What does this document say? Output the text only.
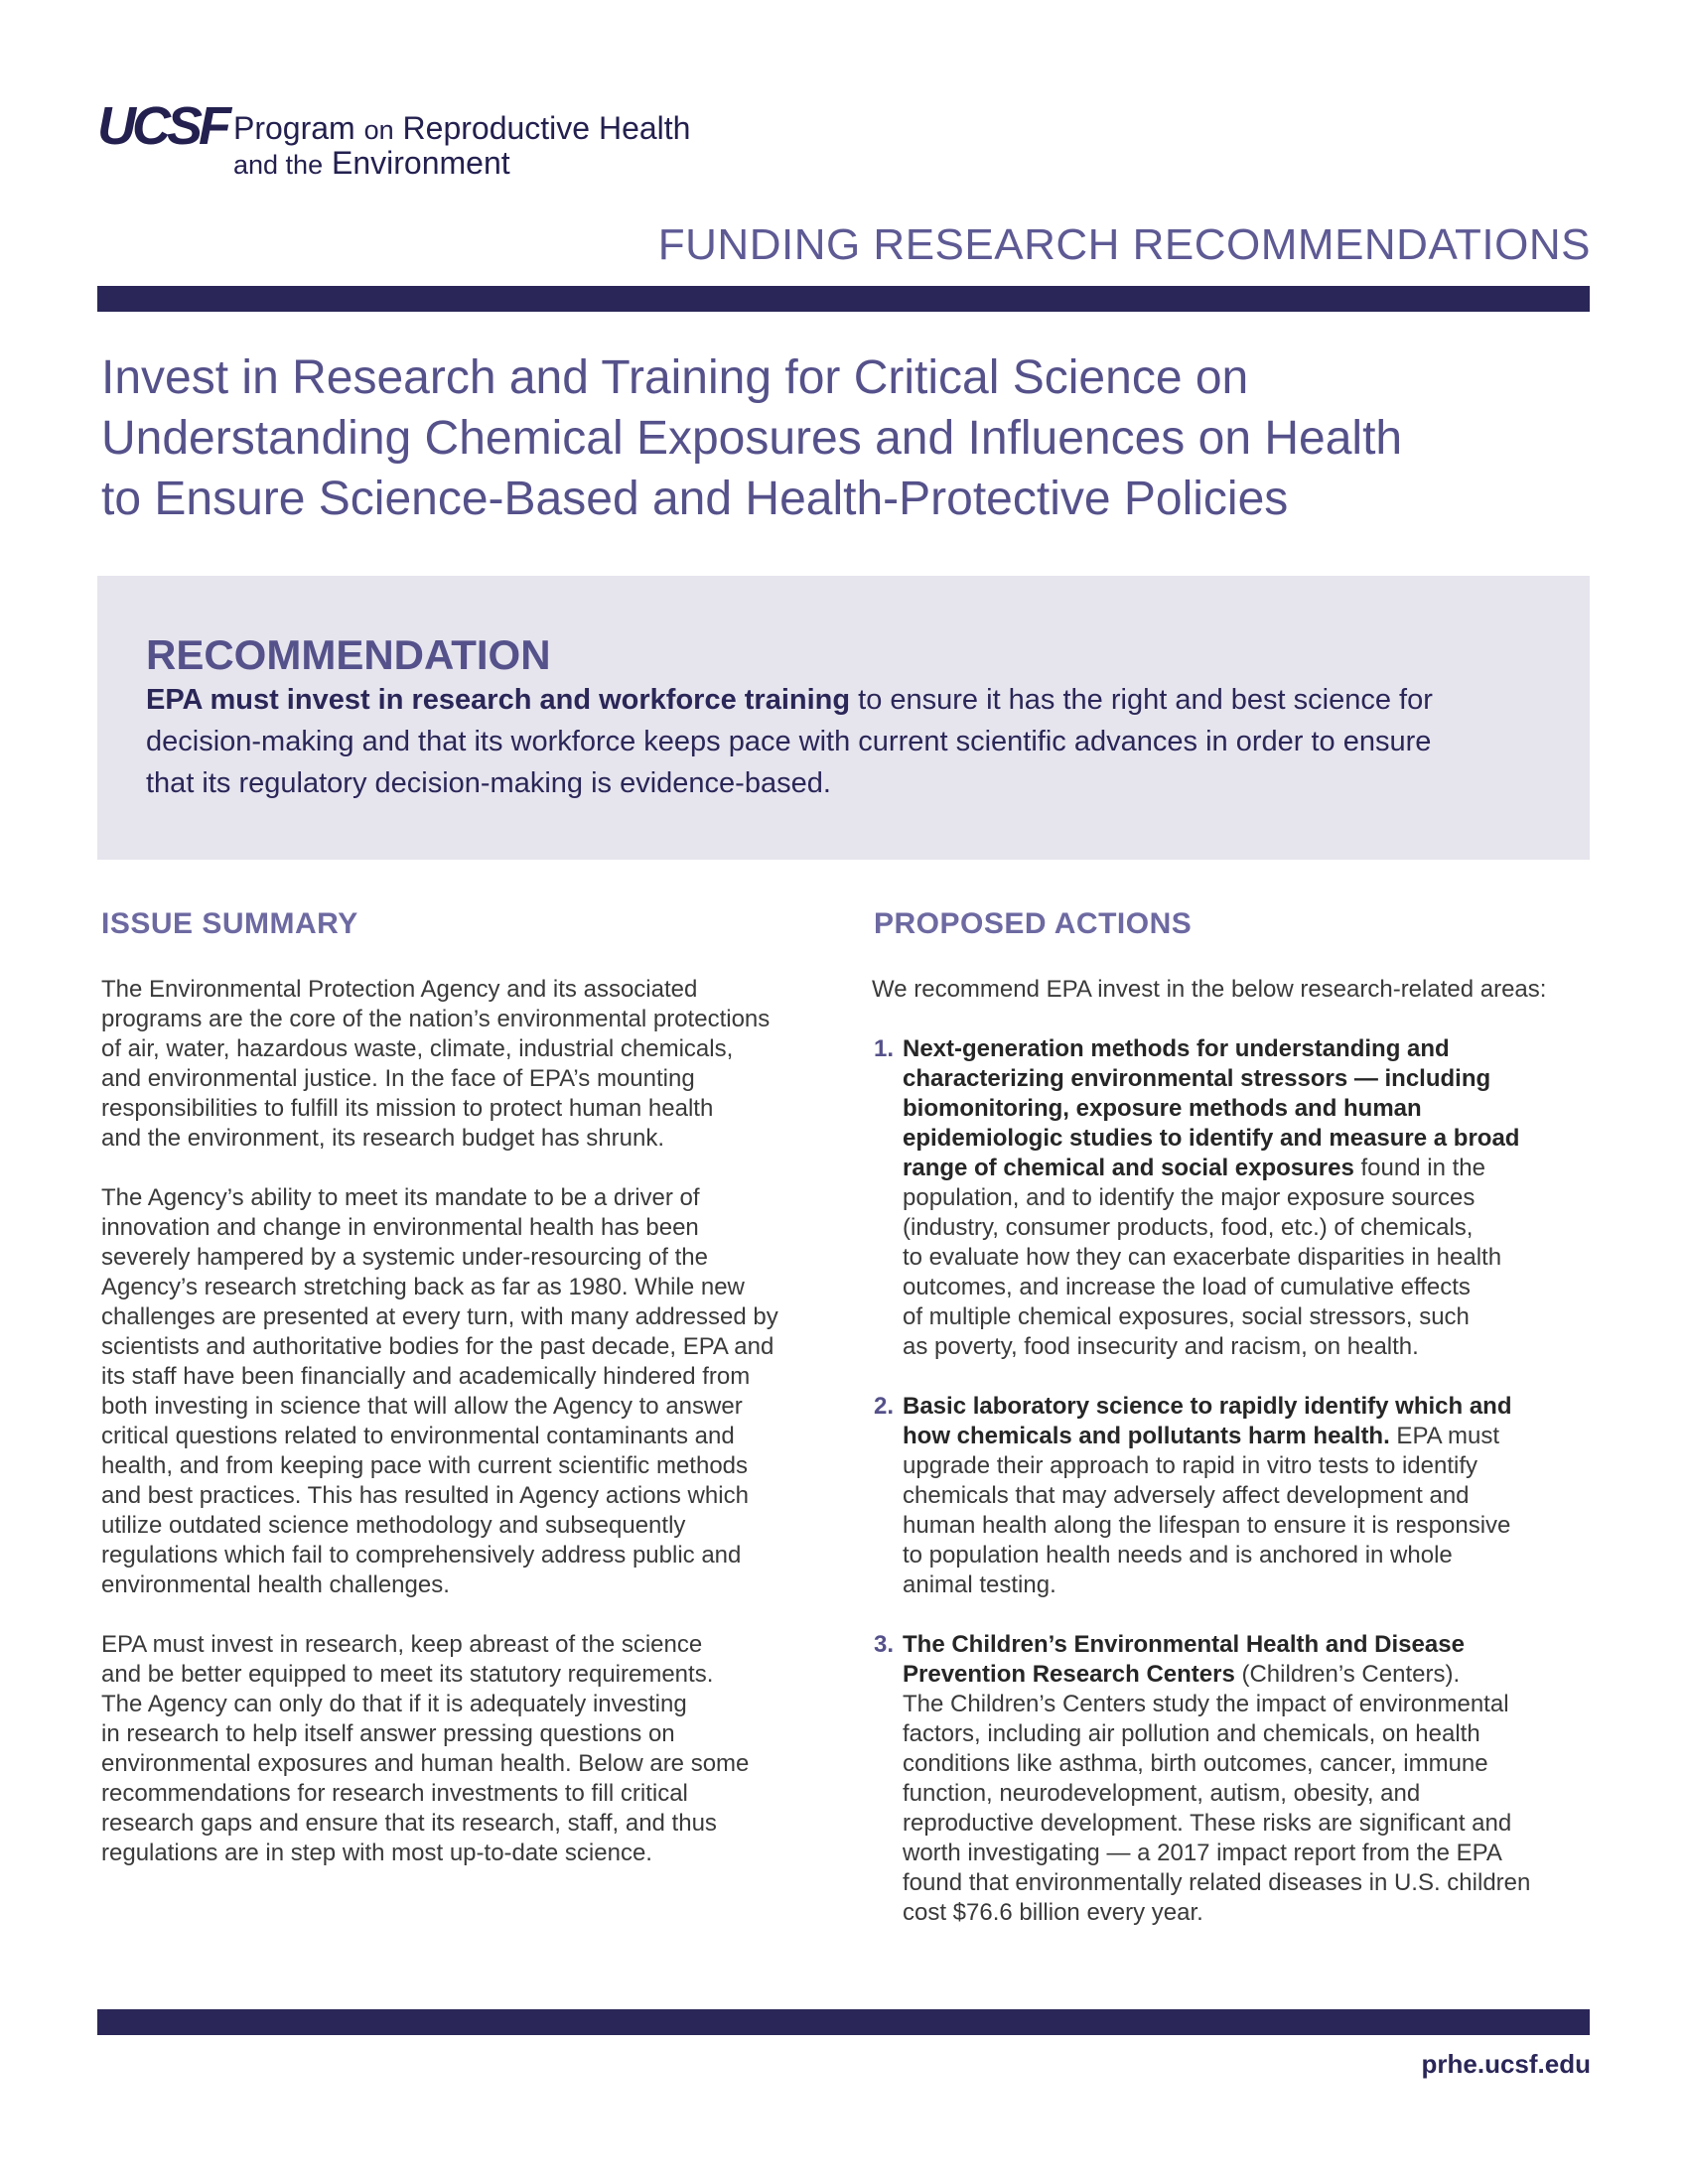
UCSF Program on Reproductive Health
and the Environment
FUNDING RESEARCH RECOMMENDATIONS
Invest in Research and Training for Critical Science on
Understanding Chemical Exposures and Influences on Health
to Ensure Science-Based and Health-Protective Policies
RECOMMENDATION

EPA must invest in research and workforce training to ensure it has the right and best science for
decision-making and that its workforce keeps pace with current scientific advances in order to ensure
that its regulatory decision-making is evidence-based.

ISSUE SUMMARY	PROPOSED ACTIONS

The Environmental Protection Agency and its associated
programs are the core of the nation’s environmental protections
of air, water, hazardous waste, climate, industrial chemicals,
and environmental justice. In the face of EPA’s mounting
responsibilities to fulfill its mission to protect human health
and the environment, its research budget has shrunk.

The Agency’s ability to meet its mandate to be a driver of
innovation and change in environmental health has been
severely hampered by a systemic under-resourcing of the
Agency’s research stretching back as far as 1980. While new
challenges are presented at every turn, with many addressed by
scientists and authoritative bodies for the past decade, EPA and
its staff have been financially and academically hindered from
both investing in science that will allow the Agency to answer
critical questions related to environmental contaminants and
health, and from keeping pace with current scientific methods
and best practices. This has resulted in Agency actions which
utilize outdated science methodology and subsequently
regulations which fail to comprehensively address public and
environmental health challenges.

EPA must invest in research, keep abreast of the science
and be better equipped to meet its statutory requirements.
The Agency can only do that if it is adequately investing
in research to help itself answer pressing questions on
environmental exposures and human health. Below are some
recommendations for research investments to fill critical
research gaps and ensure that its research, staff, and thus
regulations are in step with most up-to-date science.

We recommend EPA invest in the below research-related areas:

1. Next-generation methods for understanding and
characterizing environmental stressors — including
biomonitoring, exposure methods and human
epidemiologic studies to identify and measure a broad
range of chemical and social exposures found in the
population, and to identify the major exposure sources
(industry, consumer products, food, etc.) of chemicals,
to evaluate how they can exacerbate disparities in health
outcomes, and increase the load of cumulative effects
of multiple chemical exposures, social stressors, such
as poverty, food insecurity and racism, on health.
2. Basic laboratory science to rapidly identify which and
how chemicals and pollutants harm health. EPA must
upgrade their approach to rapid in vitro tests to identify
chemicals that may adversely affect development and
human health along the lifespan to ensure it is responsive
to population health needs and is anchored in whole
animal testing.
3. The Children’s Environmental Health and Disease
Prevention Research Centers (Children’s Centers).
The Children’s Centers study the impact of environmental
factors, including air pollution and chemicals, on health
conditions like asthma, birth outcomes, cancer, immune
function, neurodevelopment, autism, obesity, and
reproductive development. These risks are significant and
worth investigating — a 2017 impact report from the EPA
found that environmentally related diseases in U.S. children
cost $76.6 billion every year.
prhe.ucsf.edu
